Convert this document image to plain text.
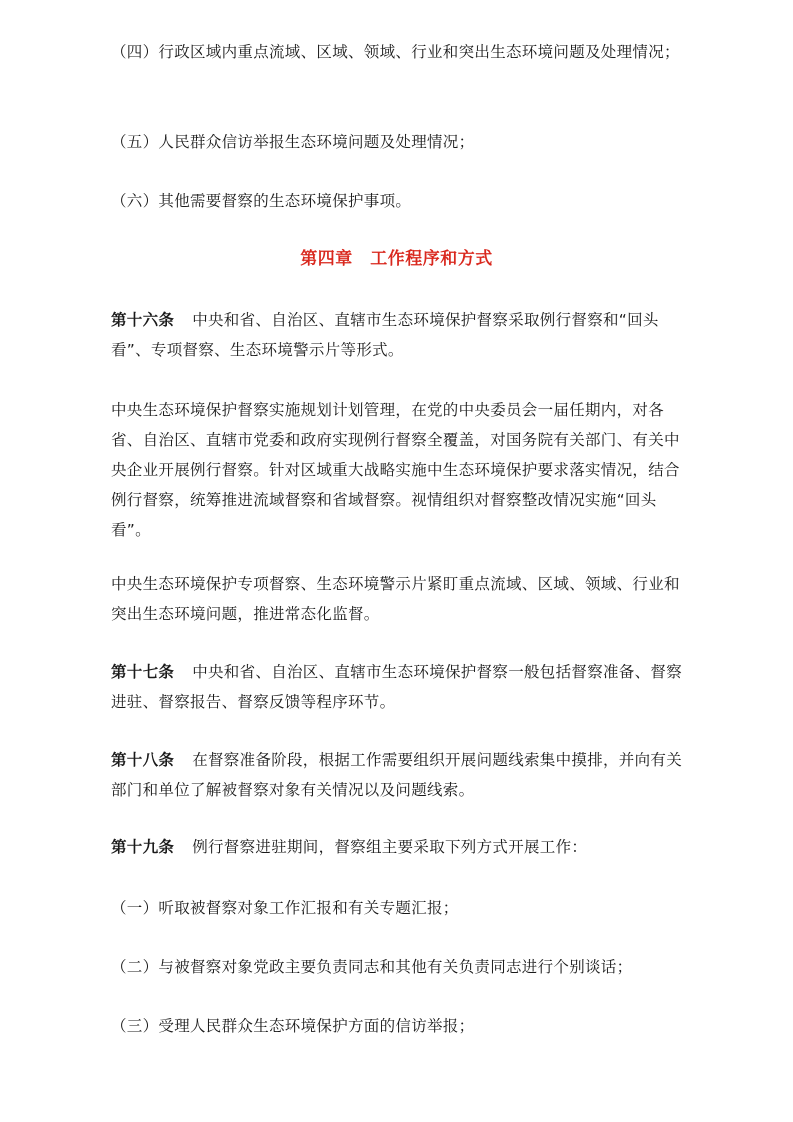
（四）行政区域内重点流域、区域、领域、行业和突出生态环境问题及处理情况；

（五）人民群众信访举报生态环境问题及处理情况；

（六）其他需要督察的生态环境保护事项。

第四章　工作程序和方式

第十六条 中央和省、自治区、直辖市生态环境保护督察采取例行督察和“回头看”、专项督察、生态环境警示片等形式。

中央生态环境保护督察实施规划计划管理，在党的中央委员会一届任期内，对各省、自治区、直辖市党委和政府实现例行督察全覆盖，对国务院有关部门、有关中央企业开展例行督察。针对区域重大战略实施中生态环境保护要求落实情况，结合例行督察，统筹推进流域督察和省域督察。视情组织对督察整改情况实施“回头看”。

中央生态环境保护专项督察、生态环境警示片紧盯重点流域、区域、领域、行业和突出生态环境问题，推进常态化监督。

第十七条 中央和省、自治区、直辖市生态环境保护督察一般包括督察准备、督察进驻、督察报告、督察反馈等程序环节。

第十八条 在督察准备阶段，根据工作需要组织开展问题线索集中摸排，并向有关部门和单位了解被督察对象有关情况以及问题线索。

第十九条 例行督察进驻期间，督察组主要采取下列方式开展工作：

（一）听取被督察对象工作汇报和有关专题汇报；

（二）与被督察对象党政主要负责同志和其他有关负责同志进行个别谈话；

（三）受理人民群众生态环境保护方面的信访举报；
